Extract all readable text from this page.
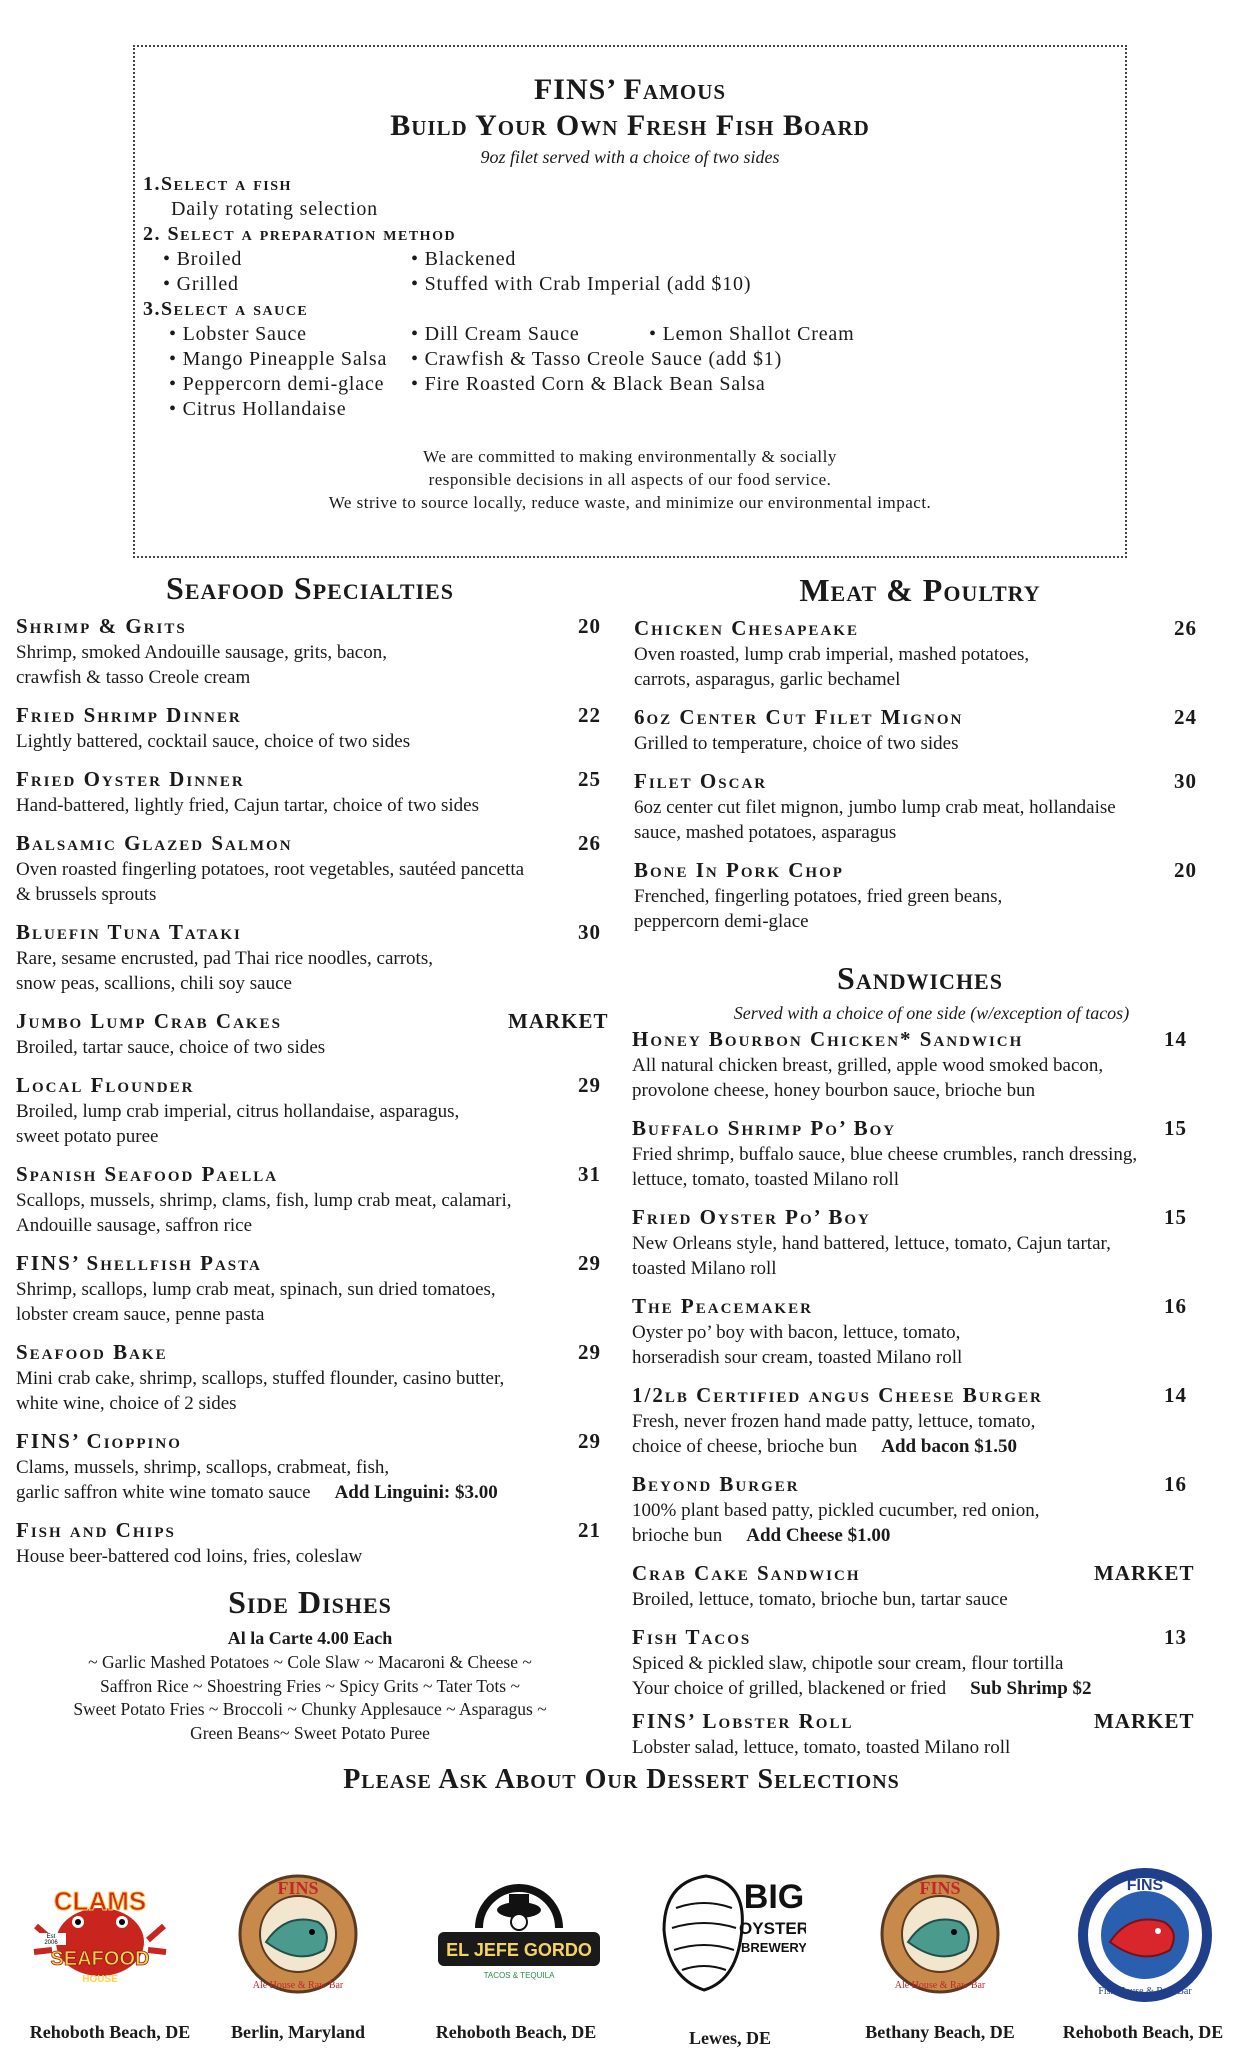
FINS’ Famous
Build Your Own Fresh Fish Board
9oz filet served with a choice of two sides
1.Select a fish
Daily rotating selection
2. Select a preparation method
• Broiled	• Blackened
• Grilled	• Stuffed with Crab Imperial (add $10)
3.Select a sauce
• Lobster Sauce	• Dill Cream Sauce	• Lemon Shallot Cream
• Mango Pineapple Salsa • Crawfish & Tasso Creole Sauce (add $1)
• Peppercorn demi-glace • Fire Roasted Corn & Black Bean Salsa
• Citrus Hollandaise
We are committed to making environmentally & socially
responsible decisions in all aspects of our food service.
We strive to source locally, reduce waste, and minimize our environmental impact.
Seafood Specialties
Shrimp & Grits	20
Shrimp, smoked Andouille sausage, grits, bacon,
crawfish & tasso Creole cream
Fried Shrimp Dinner	22
Lightly battered, cocktail sauce, choice of two sides
Fried Oyster Dinner	25
Hand-battered, lightly fried, Cajun tartar, choice of two sides
Balsamic Glazed Salmon	26
Oven roasted fingerling potatoes, root vegetables, sautéed pancetta
& brussels sprouts
Bluefin Tuna Tataki	30
Rare, sesame encrusted, pad Thai rice noodles, carrots,
snow peas, scallions, chili soy sauce
Jumbo Lump Crab Cakes	MARKET
Broiled, tartar sauce, choice of two sides
Local Flounder	29
Broiled, lump crab imperial, citrus hollandaise, asparagus,
sweet potato puree
Spanish Seafood Paella	31
Scallops, mussels, shrimp, clams, fish, lump crab meat, calamari,
Andouille sausage, saffron rice
FINS’ Shellfish Pasta	29
Shrimp, scallops, lump crab meat, spinach, sun dried tomatoes,
lobster cream sauce, penne pasta
Seafood Bake	29
Mini crab cake, shrimp, scallops, stuffed flounder, casino butter,
white wine, choice of 2 sides
FINS’ Cioppino	29
Clams, mussels, shrimp, scallops, crabmeat, fish,
garlic saffron white wine tomato sauce Add Linguini: $3.00
Fish and Chips	21
House beer-battered cod loins, fries, coleslaw
Side Dishes
Al la Carte 4.00 Each
~ Garlic Mashed Potatoes ~ Cole Slaw ~ Macaroni & Cheese ~
Saffron Rice ~ Shoestring Fries ~ Spicy Grits ~ Tater Tots ~
Sweet Potato Fries ~ Broccoli ~ Chunky Applesauce ~ Asparagus ~
Green Beans~ Sweet Potato Puree
Meat & Poultry
Chicken Chesapeake	26
Oven roasted, lump crab imperial, mashed potatoes,
carrots, asparagus, garlic bechamel
6oz Center Cut Filet Mignon	24
Grilled to temperature, choice of two sides
Filet Oscar	30
6oz center cut filet mignon, jumbo lump crab meat, hollandaise
sauce, mashed potatoes, asparagus
Bone In Pork Chop	20
Frenched, fingerling potatoes, fried green beans,
peppercorn demi-glace
Sandwiches
Served with a choice of one side (w/exception of tacos)
Honey Bourbon Chicken* Sandwich	14
All natural chicken breast, grilled, apple wood smoked bacon,
provolone cheese, honey bourbon sauce, brioche bun
Buffalo Shrimp Po’ Boy	15
Fried shrimp, buffalo sauce, blue cheese crumbles, ranch dressing,
lettuce, tomato, toasted Milano roll
Fried Oyster Po’ Boy	15
New Orleans style, hand battered, lettuce, tomato, Cajun tartar,
toasted Milano roll
The Peacemaker	16
Oyster po’ boy with bacon, lettuce, tomato,
horseradish sour cream, toasted Milano roll
1/2lb Certified angus Cheese Burger	14
Fresh, never frozen hand made patty, lettuce, tomato,
choice of cheese, brioche bun Add bacon $1.50
Beyond Burger	16
100% plant based patty, pickled cucumber, red onion,
brioche bun Add Cheese $1.00
Crab Cake Sandwich	MARKET
Broiled, lettuce, tomato, brioche bun, tartar sauce
Fish Tacos	13
Spiced & pickled slaw, chipotle sour cream, flour tortilla
Your choice of grilled, blackened or fried Sub Shrimp $2
FINS’ Lobster Roll	MARKET
Lobster salad, lettuce, tomato, toasted Milano roll
Please Ask About Our Dessert Selections
CLAMS
Est
2006
SEAFOOD
HOUSE
Rehoboth Beach, DE
FINS
Ale House & Raw Bar
Berlin, Maryland
EL JEFE GORDO
TACOS & TEQUILA
Rehoboth Beach, DE
BIG
OYSTER
BREWERY
Lewes, DE
FINS
Ale House & Raw Bar
Bethany Beach, DE
FINS
Fish House & Raw Bar
Rehoboth Beach, DE
